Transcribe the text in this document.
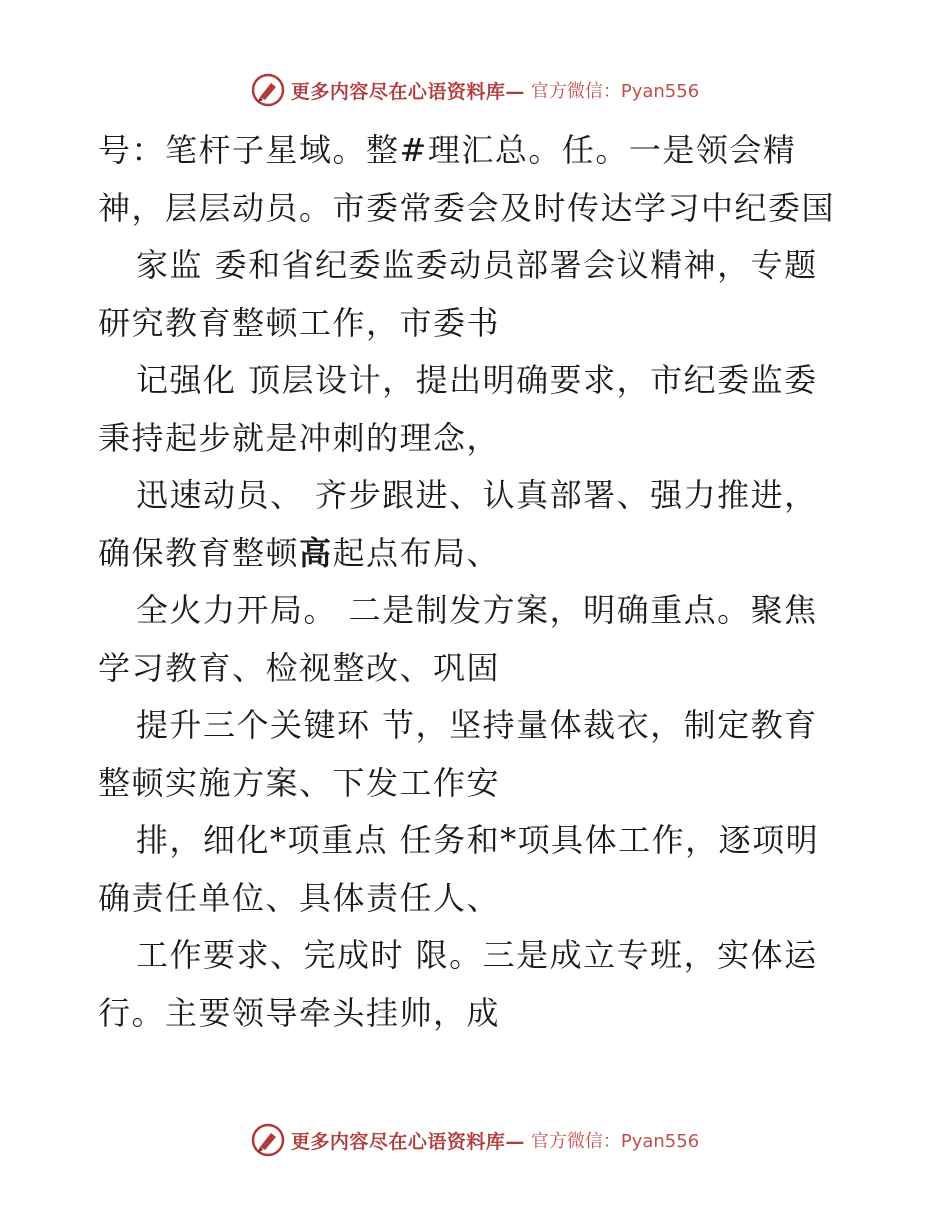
更多内容尽在心语资料库— 官方微信：Pyan556
号：笔杆子星域。整#理汇总。任。一是领会精
神，层层动员。市委常委会及时传达学习中纪委国
家监 委和省纪委监委动员部署会议精神，专题
研究教育整顿工作，市委书
记强化 顶层设计，提出明确要求，市纪委监委
秉持起步就是冲刺的理念，
迅速动员、 齐步跟进、认真部署、强力推进，
确保教育整顿高起点布局、
全火力开局。 二是制发方案，明确重点。聚焦
学习教育、检视整改、巩固
提升三个关键环 节，坚持量体裁衣，制定教育
整顿实施方案、下发工作安
排，细化*项重点 任务和*项具体工作，逐项明
确责任单位、具体责任人、
工作要求、完成时 限。三是成立专班，实体运
行。主要领导牵头挂帅，成
更多内容尽在心语资料库— 官方微信：Pyan556
